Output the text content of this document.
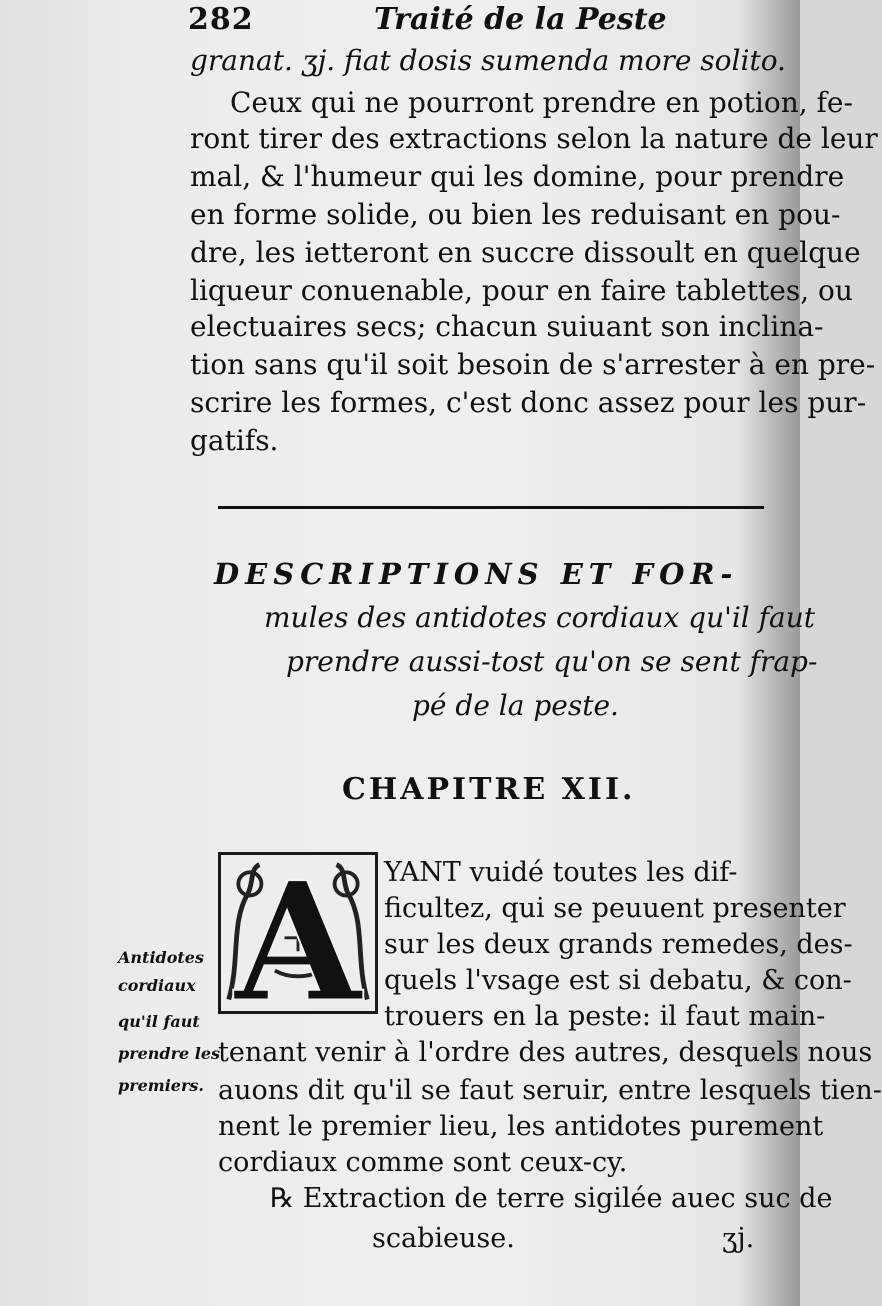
282	Traité de la Peste
granat. ʒj. fiat dosis sumenda more solito.
Ceux qui ne pourront prendre en potion, fe-
ront tirer des extractions selon la nature de leur
mal, & l'humeur qui les domine, pour prendre
en forme solide, ou bien les reduisant en pou-
dre, les ietteront en succre dissoult en quelque
liqueur conuenable, pour en faire tablettes, ou
electuaires secs; chacun suiuant son inclina-
tion sans qu'il soit besoin de s'arrester à en pre-
scrire les formes, c'est donc assez pour les pur-
gatifs.
DESCRIPTIONS ET FOR-
mules des antidotes cordiaux qu'il faut
prendre aussi-tost qu'on se sent frap-
pé de la peste.
CHAPITRE XII.
A YANT vuidé toutes les dif-
ficultez, qui se peuuent presenter
sur les deux grands remedes, des-
quels l'vsage est si debatu, & con-
trouers en la peste: il faut main-
tenant venir à l'ordre des autres, desquels nous
auons dit qu'il se faut seruir, entre lesquels tien-
nent le premier lieu, les antidotes purement
cordiaux comme sont ceux-cy.
℞ Extraction de terre sigilée auec suc de
scabieuse.	ʒj.
Antidotes
cordiaux
qu'il faut
prendre les
premiers.
